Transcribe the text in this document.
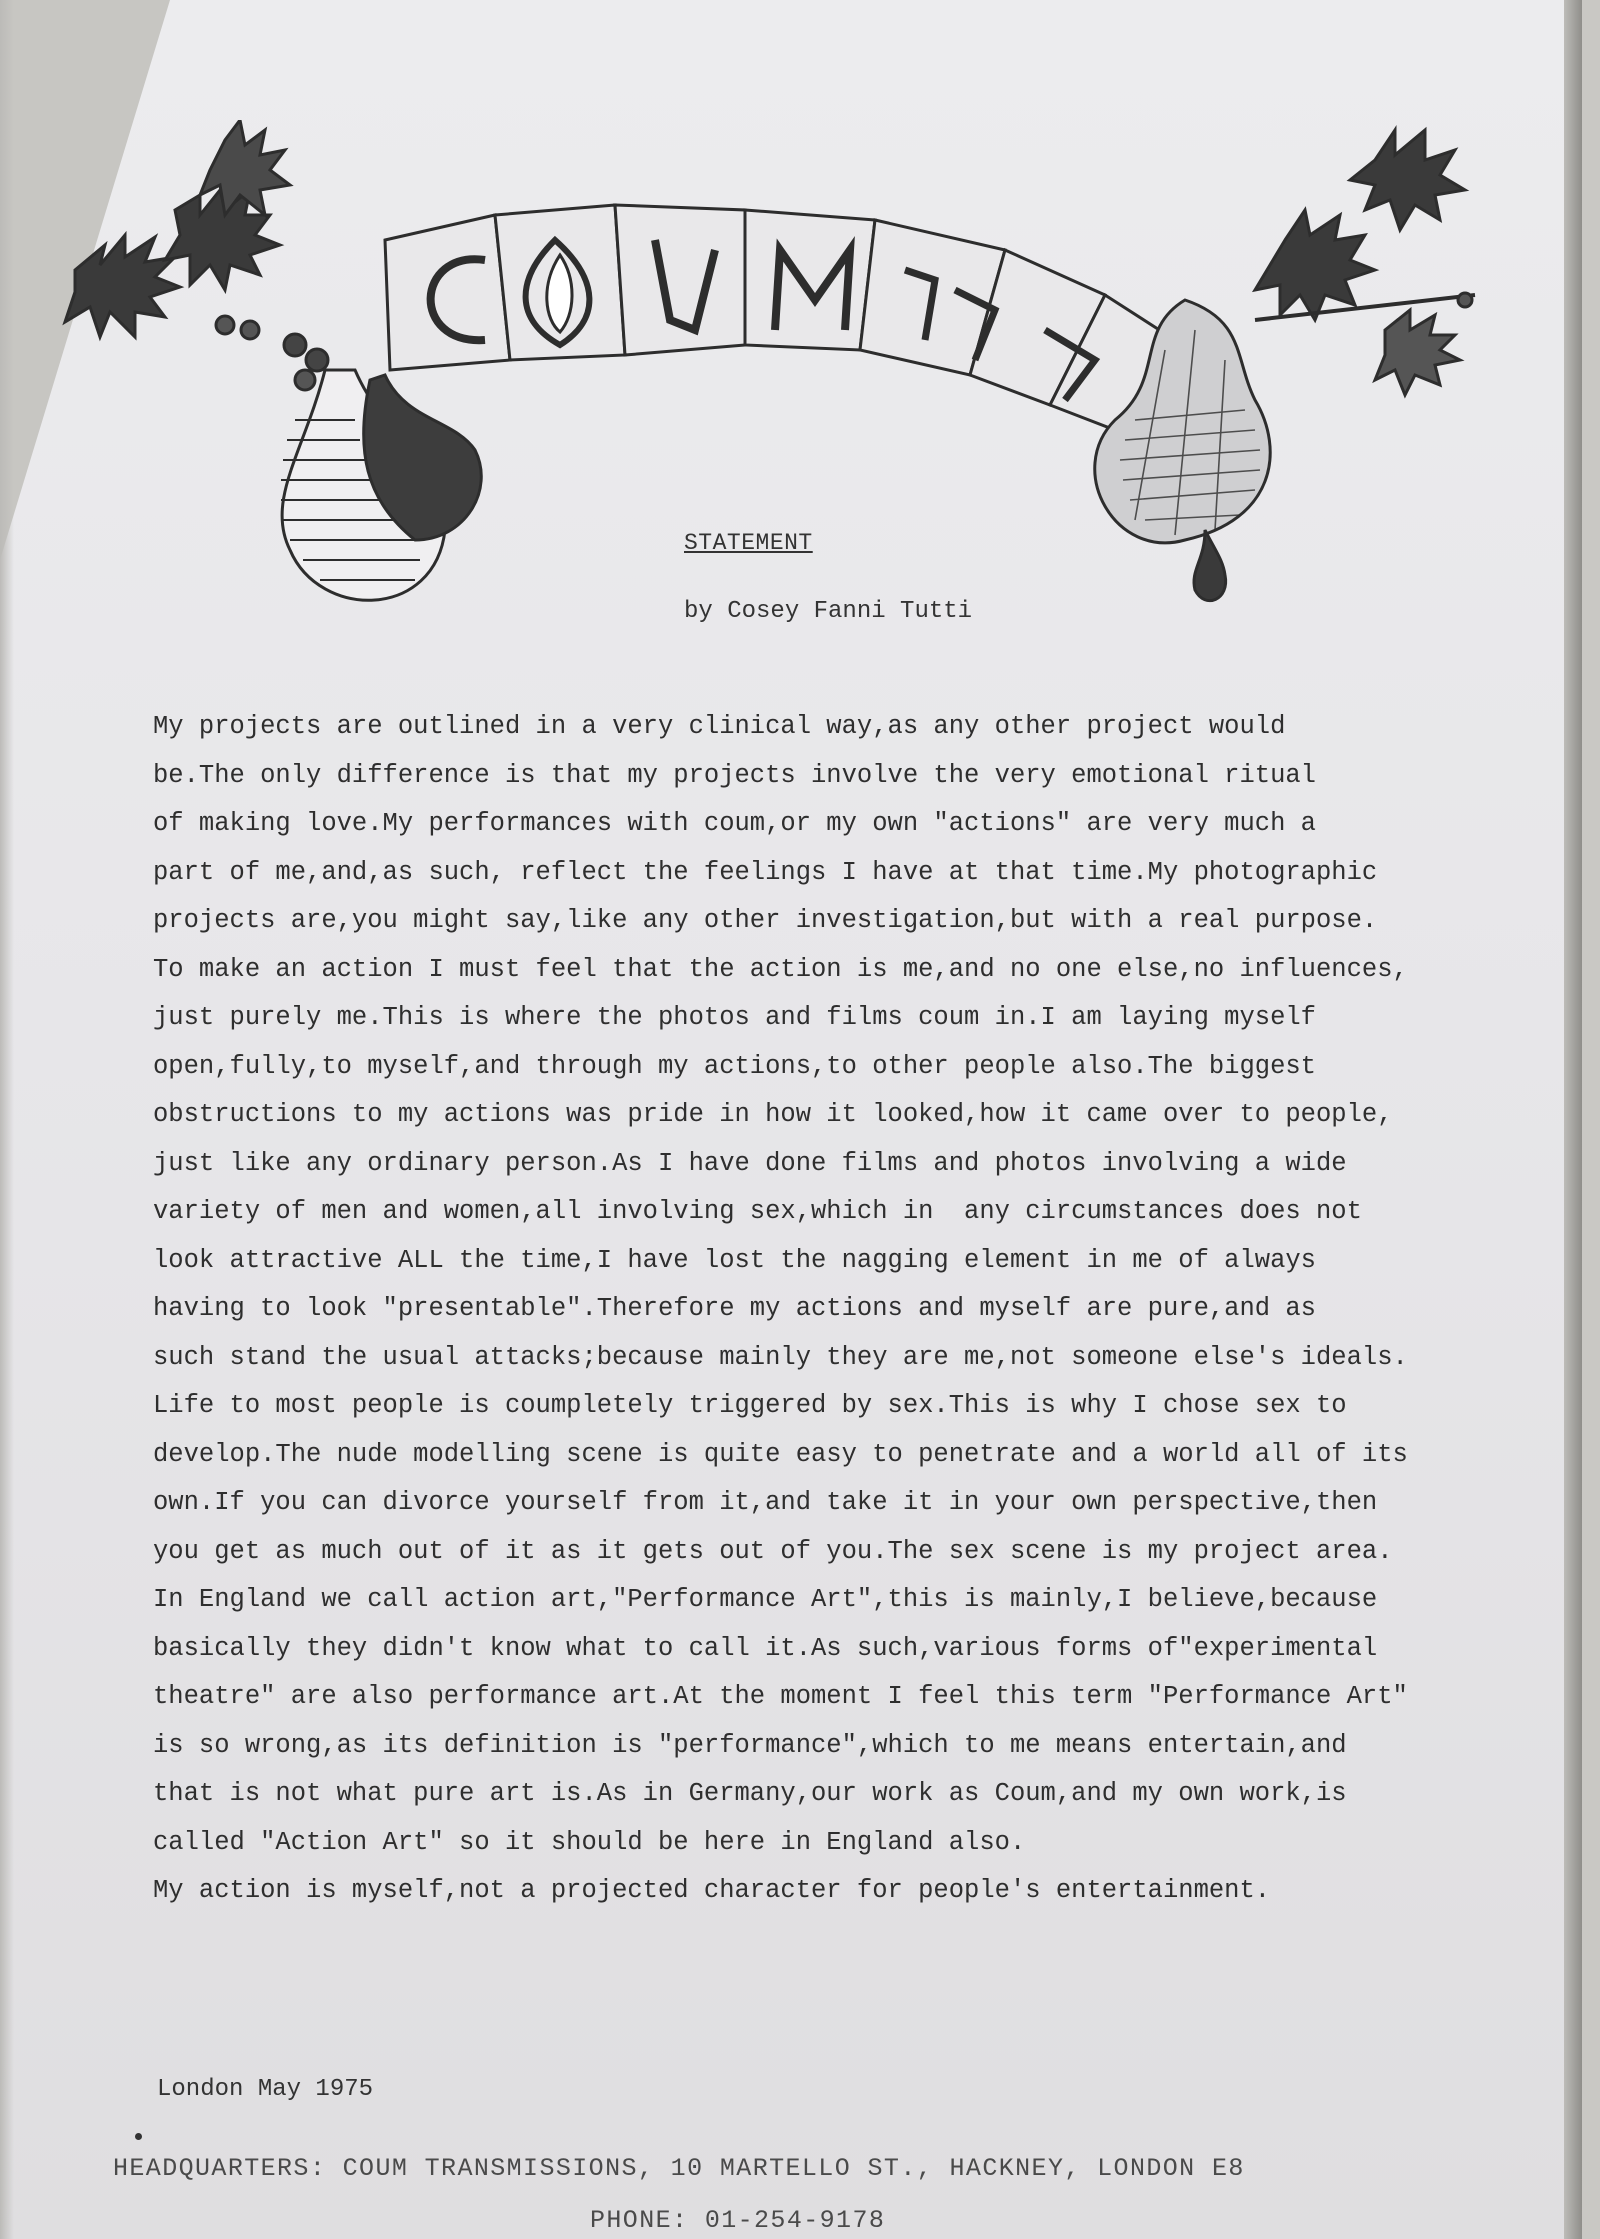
STATEMENT
by Cosey Fanni Tutti
My projects are outlined in a very clinical way,as any other project would
be.The only difference is that my projects involve the very emotional ritual
of making love.My performances with coum,or my own "actions" are very much a
part of me,and,as such, reflect the feelings I have at that time.My photographic
projects are,you might say,like any other investigation,but with a real purpose.
To make an action I must feel that the action is me,and no one else,no influences,
just purely me.This is where the photos and films coum in.I am laying myself
open,fully,to myself,and through my actions,to other people also.The biggest
obstructions to my actions was pride in how it looked,how it came over to people,
just like any ordinary person.As I have done films and photos involving a wide
variety of men and women,all involving sex,which in  any circumstances does not
look attractive ALL the time,I have lost the nagging element in me of always
having to look "presentable".Therefore my actions and myself are pure,and as
such stand the usual attacks;because mainly they are me,not someone else's ideals.
Life to most people is coumpletely triggered by sex.This is why I chose sex to
develop.The nude modelling scene is quite easy to penetrate and a world all of its
own.If you can divorce yourself from it,and take it in your own perspective,then
you get as much out of it as it gets out of you.The sex scene is my project area.
In England we call action art,"Performance Art",this is mainly,I believe,because
basically they didn't know what to call it.As such,various forms of"experimental
theatre" are also performance art.At the moment I feel this term "Performance Art"
is so wrong,as its definition is "performance",which to me means entertain,and
that is not what pure art is.As in Germany,our work as Coum,and my own work,is
called "Action Art" so it should be here in England also.
My action is myself,not a projected character for people's entertainment.
London May 1975
HEADQUARTERS: COUM TRANSMISSIONS, 10 MARTELLO ST., HACKNEY, LONDON E8
PHONE: 01-254-9178
